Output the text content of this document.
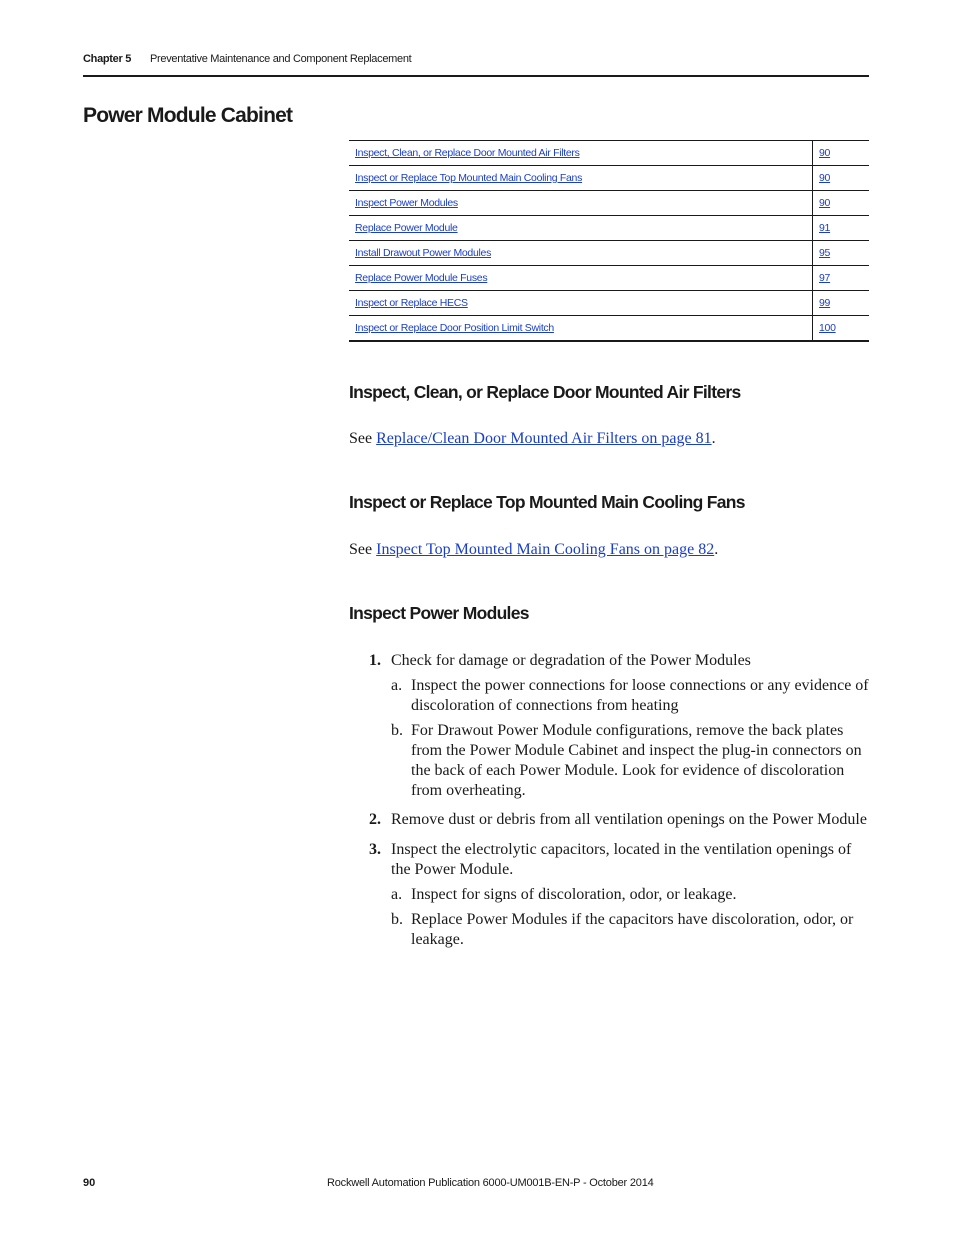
Chapter 5	Preventative Maintenance and Component Replacement
Power Module Cabinet
Inspect, Clean, or Replace Door Mounted Air Filters	90
Inspect or Replace Top Mounted Main Cooling Fans	90
Inspect Power Modules	90
Replace Power Module	91
Install Drawout Power Modules	95
Replace Power Module Fuses	97
Inspect or Replace HECS	99
Inspect or Replace Door Position Limit Switch	100
Inspect, Clean, or Replace Door Mounted Air Filters

See Replace/Clean Door Mounted Air Filters on page 81.

Inspect or Replace Top Mounted Main Cooling Fans

See Inspect Top Mounted Main Cooling Fans on page 82.

Inspect Power Modules
1. Check for damage or degradation of the Power Modules
a. Inspect the power connections for loose connections or any evidence of discoloration of connections from heating
b. For Drawout Power Module configurations, remove the back plates from the Power Module Cabinet and inspect the plug-in connectors on the back of each Power Module. Look for evidence of discoloration from overheating.
2. Remove dust or debris from all ventilation openings on the Power Module
3. Inspect the electrolytic capacitors, located in the ventilation openings of the Power Module.
a. Inspect for signs of discoloration, odor, or leakage.
b. Replace Power Modules if the capacitors have discoloration, odor, or leakage.
90	Rockwell Automation Publication 6000-UM001B-EN-P - October 2014
